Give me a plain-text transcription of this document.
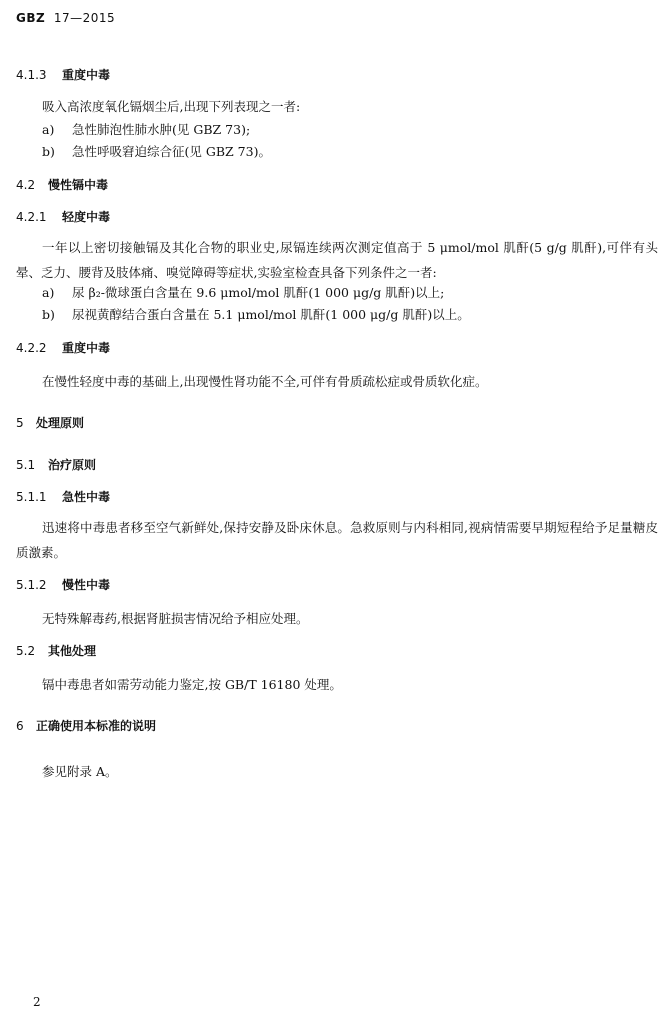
GBZ 17—2015
4.1.3 重度中毒
吸入高浓度氧化镉烟尘后,出现下列表现之一者:
a) 急性肺泡性肺水肿(见 GBZ 73);
b) 急性呼吸窘迫综合征(见 GBZ 73)。
4.2 慢性镉中毒
4.2.1 轻度中毒
一年以上密切接触镉及其化合物的职业史,尿镉连续两次测定值高于 5 μmol/mol 肌酐(5 g/g 肌酐),可伴有头晕、乏力、腰背及肢体痛、嗅觉障碍等症状,实验室检查具备下列条件之一者:
a) 尿 β₂-微球蛋白含量在 9.6 μmol/mol 肌酐(1 000 μg/g 肌酐)以上;
b) 尿视黄醇结合蛋白含量在 5.1 μmol/mol 肌酐(1 000 μg/g 肌酐)以上。
4.2.2 重度中毒
在慢性轻度中毒的基础上,出现慢性肾功能不全,可伴有骨质疏松症或骨质软化症。
5 处理原则
5.1 治疗原则
5.1.1 急性中毒
迅速将中毒患者移至空气新鲜处,保持安静及卧床休息。急救原则与内科相同,视病情需要早期短程给予足量糖皮质激素。
5.1.2 慢性中毒
无特殊解毒药,根据肾脏损害情况给予相应处理。
5.2 其他处理
镉中毒患者如需劳动能力鉴定,按 GB/T 16180 处理。
6 正确使用本标准的说明
参见附录 A。
2
